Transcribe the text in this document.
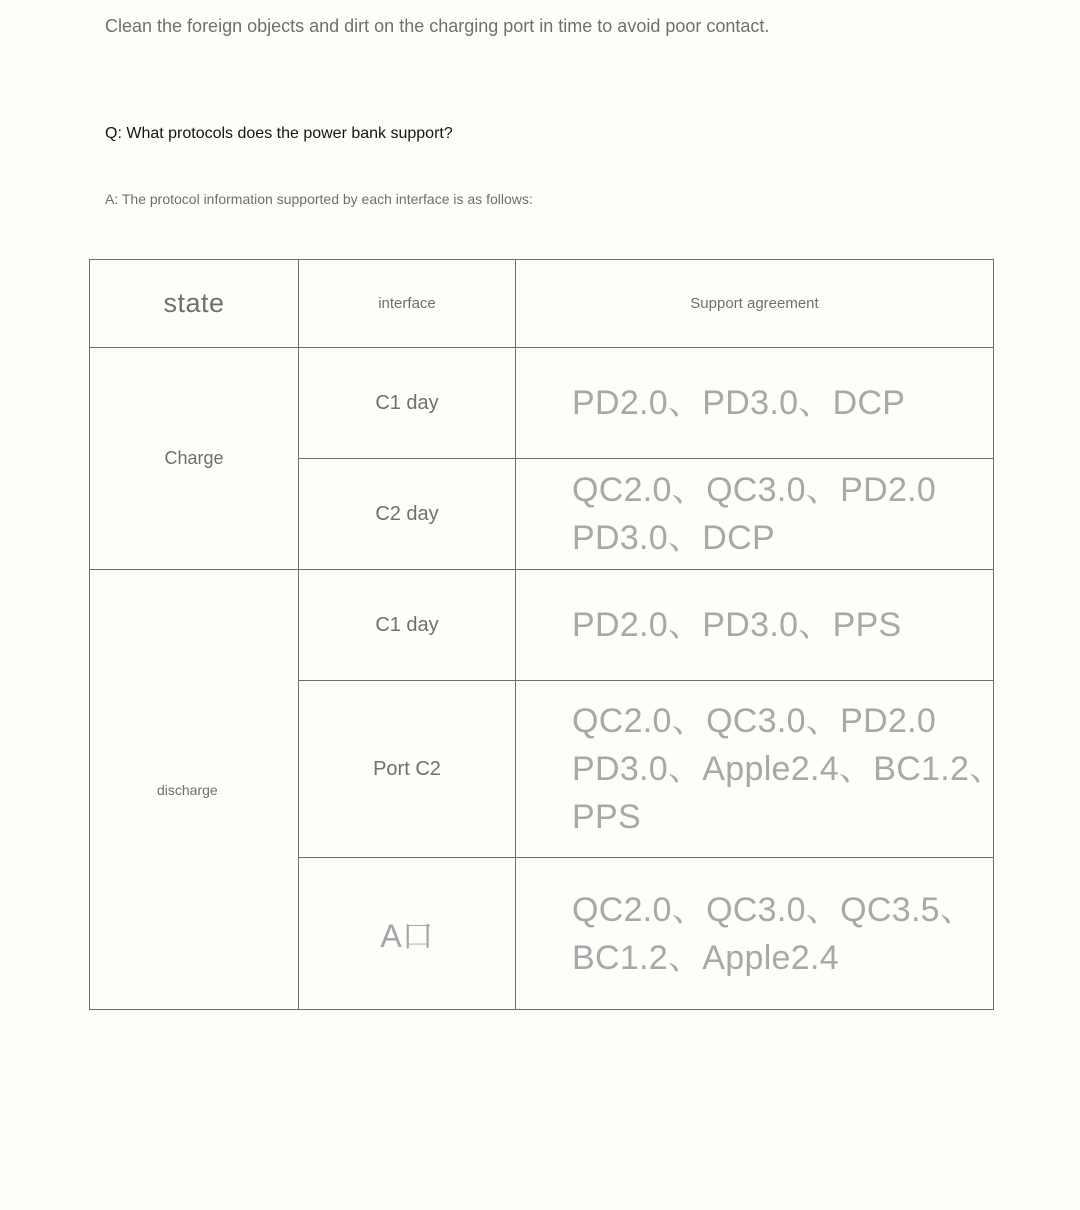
Clean the foreign objects and dirt on the charging port in time to avoid poor contact.
Q: What protocols does the power bank support?
A: The protocol information supported by each interface is as follows:
state	interface	Support agreement
Charge	C1 day	PD2.0、PD3.0、DCP

	C2 day	QC2.0、QC3.0、PD2.0
PD3.0、DCP

discharge	C1 day	PD2.0、PD3.0、PPS

	Port C2	QC2.0、QC3.0、PD2.0
PD3.0、Apple2.4、BC1.2、
PPS

	A口	QC2.0、QC3.0、QC3.5、
BC1.2、Apple2.4
